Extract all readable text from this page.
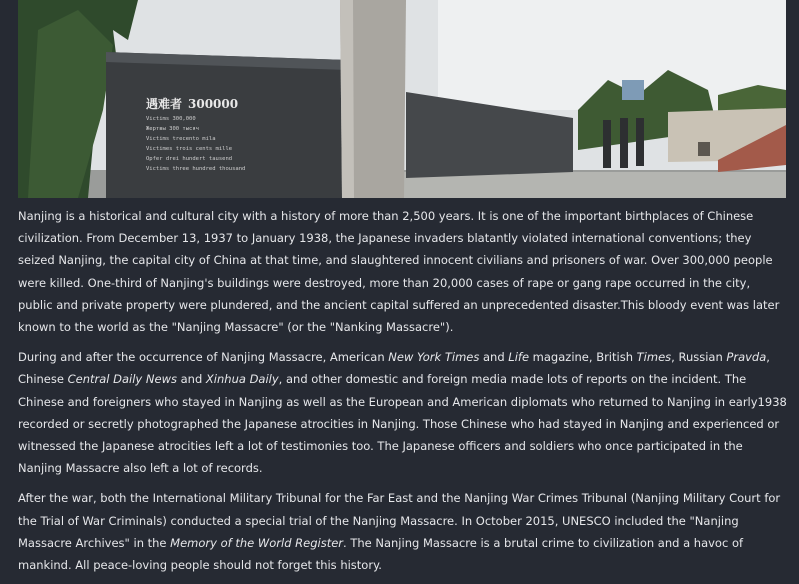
遇难者 300000
Victims 300,000
Жертвы 300 тысяч
Victims trecento mila
Victimes trois cents mille
Opfer drei hundert tausend
Victims three hundred thousand

Nanjing is a historical and cultural city with a history of more than 2,500 years. It is one of the important birthplaces of Chinese civilization. From December 13, 1937 to January 1938, the Japanese invaders blatantly violated international conventions; they seized Nanjing, the capital city of China at that time, and slaughtered innocent civilians and prisoners of war. Over 300,000 people were killed. One-third of Nanjing's buildings were destroyed, more than 20,000 cases of rape or gang rape occurred in the city, public and private property were plundered, and the ancient capital suffered an unprecedented disaster.This bloody event was later known to the world as the "Nanjing Massacre" (or the "Nanking Massacre").

During and after the occurrence of Nanjing Massacre, American New York Times and Life magazine, British Times, Russian Pravda, Chinese Central Daily News and Xinhua Daily, and other domestic and foreign media made lots of reports on the incident. The Chinese and foreigners who stayed in Nanjing as well as the European and American diplomats who returned to Nanjing in early1938 recorded or secretly photographed the Japanese atrocities in Nanjing. Those Chinese who had stayed in Nanjing and experienced or witnessed the Japanese atrocities left a lot of testimonies too. The Japanese officers and soldiers who once participated in the Nanjing Massacre also left a lot of records.

After the war, both the International Military Tribunal for the Far East and the Nanjing War Crimes Tribunal (Nanjing Military Court for the Trial of War Criminals) conducted a special trial of the Nanjing Massacre. In October 2015, UNESCO included the "Nanjing Massacre Archives" in the Memory of the World Register. The Nanjing Massacre is a brutal crime to civilization and a havoc of mankind. All peace-loving people should not forget this history.
